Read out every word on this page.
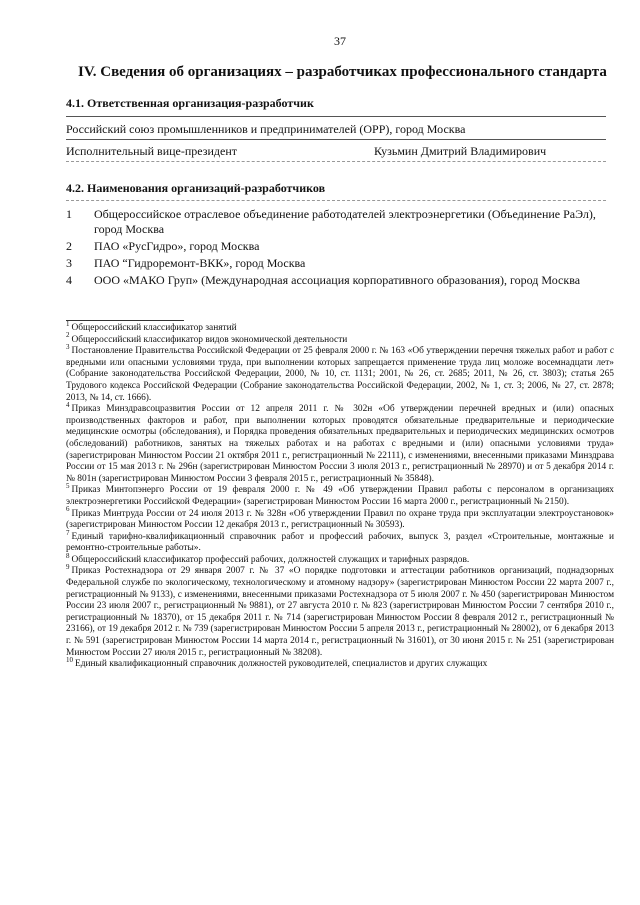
37
IV. Сведения об организациях – разработчиках профессионального стандарта
4.1. Ответственная организация-разработчик
Российский союз промышленников и предпринимателей (ОРР), город Москва
Исполнительный вице-президент	Кузьмин Дмитрий Владимирович
4.2. Наименования организаций-разработчиков
1 Общероссийское отраслевое объединение работодателей электроэнергетики (Объединение РаЭл), город Москва
2 ПАО «РусГидро», город Москва
3 ПАО “Гидроремонт-ВКК», город Москва
4 ООО «МАКО Груп» (Международная ассоциация корпоративного образования), город Москва

$^1$ Общероссийский классификатор занятий

$^2$ Общероссийский классификатор видов экономической деятельности

$^3$ Постановление Правительства Российской Федерации от 25 февраля 2000 г. № 163 «Об утверждении перечня тяжелых работ и работ с вредными или опасными условиями труда, при выполнении которых запрещается применение труда лиц моложе восемнадцати лет» (Собрание законодательства Российской Федерации, 2000, № 10, ст. 1131; 2001, № 26, ст. 2685; 2011, № 26, ст. 3803); статья 265 Трудового кодекса Российской Федерации (Собрание законодательства Российской Федерации, 2002, № 1, ст. 3; 2006, № 27, ст. 2878; 2013, № 14, ст. 1666).

$^4$ Приказ Минздравсоцразвития России от 12 апреля 2011 г. № 302н «Об утверждении перечней вредных и (или) опасных производственных факторов и работ, при выполнении которых проводятся обязательные предварительные и периодические медицинские осмотры (обследования), и Порядка проведения обязательных предварительных и периодических медицинских осмотров (обследований) работников, занятых на тяжелых работах и на работах с вредными и (или) опасными условиями труда» (зарегистрирован Минюстом России 21 октября 2011 г., регистрационный № 22111), с изменениями, внесенными приказами Минздрава России от 15 мая 2013 г. № 296н (зарегистрирован Минюстом России 3 июля 2013 г., регистрационный № 28970) и от 5 декабря 2014 г. № 801н (зарегистрирован Минюстом России 3 февраля 2015 г., регистрационный № 35848).

$^5$ Приказ Минтопэнерго России от 19 февраля 2000 г. № 49 «Об утверждении Правил работы с персоналом в организациях электроэнергетики Российской Федерации» (зарегистрирован Минюстом России 16 марта 2000 г., регистрационный № 2150).

$^6$ Приказ Минтруда России от 24 июля 2013 г. № 328н «Об утверждении Правил по охране труда при эксплуатации электроустановок» (зарегистрирован Минюстом России 12 декабря 2013 г., регистрационный № 30593).

$^7$ Единый тарифно-квалификационный справочник работ и профессий рабочих, выпуск 3, раздел «Строительные, монтажные и ремонтно-строительные работы».

$^8$ Общероссийский классификатор профессий рабочих, должностей служащих и тарифных разрядов.

$^9$ Приказ Ростехнадзора от 29 января 2007 г. № 37 «О порядке подготовки и аттестации работников организаций, поднадзорных Федеральной службе по экологическому, технологическому и атомному надзору» (зарегистрирован Минюстом России 22 марта 2007 г., регистрационный № 9133), с изменениями, внесенными приказами Ростехнадзора от 5 июля 2007 г. № 450 (зарегистрирован Минюстом России 23 июля 2007 г., регистрационный № 9881), от 27 августа 2010 г. № 823 (зарегистрирован Минюстом России 7 сентября 2010 г., регистрационный № 18370), от 15 декабря 2011 г. № 714 (зарегистрирован Минюстом России 8 февраля 2012 г., регистрационный № 23166), от 19 декабря 2012 г. № 739 (зарегистрирован Минюстом России 5 апреля 2013 г., регистрационный № 28002), от 6 декабря 2013 г. № 591 (зарегистрирован Минюстом России 14 марта 2014 г., регистрационный № 31601), от 30 июня 2015 г. № 251 (зарегистрирован Минюстом России 27 июля 2015 г., регистрационный № 38208).

$^{10}$ Единый квалификационный справочник должностей руководителей, специалистов и других служащих
